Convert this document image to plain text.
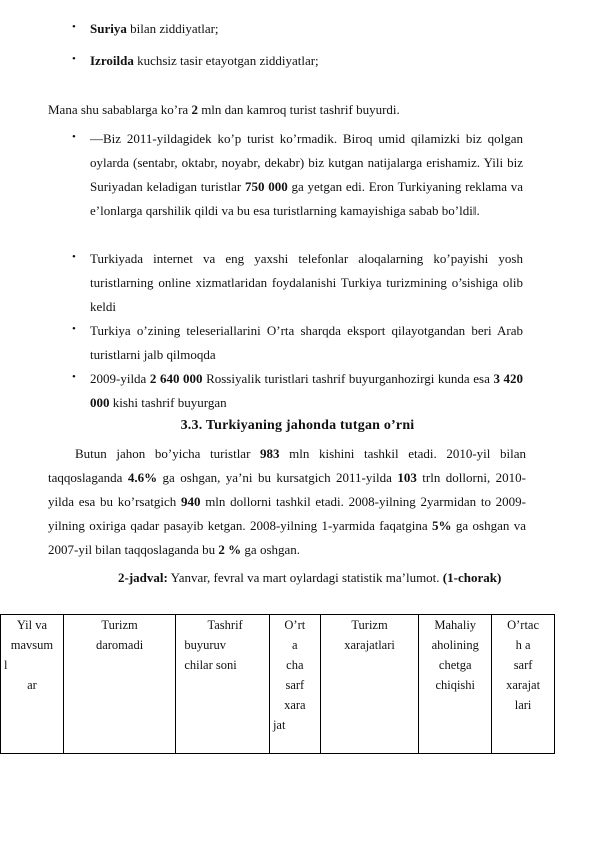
• Suriya bilan ziddiyatlar;
• Izroilda kuchsiz tasir etayotgan ziddiyatlar;
Mana shu sabablarga ko’ra 2 mln dan kamroq turist tashrif buyurdi.
• ―Biz 2011-yildagidek ko’p turist ko’rmadik. Biroq umid qilamizki biz qolgan oylarda (sentabr, oktabr, noyabr, dekabr) biz kutgan natijalarga erishamiz. Yili biz Suriyadan keladigan turistlar 750 000 ga yetgan edi. Eron Turkiyaning reklama va e’lonlarga qarshilik qildi va bu esa turistlarning kamayishiga sabab bo’ldi‖.
• Turkiyada internet va eng yaxshi telefonlar aloqalarning ko’payishi yosh turistlarning online xizmatlaridan foydalanishi Turkiya turizmining o’sishiga olib keldi
• Turkiya o’zining teleseriallarini O’rta sharqda eksport qilayotgandan beri Arab turistlarni jalb qilmoqda
• 2009-yilda 2 640 000 Rossiyalik turistlari tashrif buyurganhozirgi kunda esa 3 420 000 kishi tashrif buyurgan
3.3. Turkiyaning jahonda tutgan o’rni
Butun jahon bo’yicha turistlar 983 mln kishini tashkil etadi. 2010-yil bilan taqqoslaganda 4.6% ga oshgan, ya’ni bu kursatgich 2011-yilda 103 trln dollorni, 2010-yilda esa bu ko’rsatgich 940 mln dollorni tashkil etadi. 2008-yilning 2yarmidan to 2009-yilning oxiriga qadar pasayib ketgan. 2008-yilning 1-yarmida faqatgina 5% ga oshgan va 2007-yil bilan taqqoslaganda bu 2 % ga oshgan.
2-jadval: Yanvar, fevral va mart oylardagi statistik ma’lumot. (1-chorak)
Yil va
mavsum
l
ar

Turizm
daromadi

Tashrif
buyuruv
chilar soni

O’rt
a
cha
sarf
xara
jat

Turizm
xarajatlari

Mahaliy
aholining
chetga
chiqishi

O’rtac
h a
sarf
xarajat
lari
